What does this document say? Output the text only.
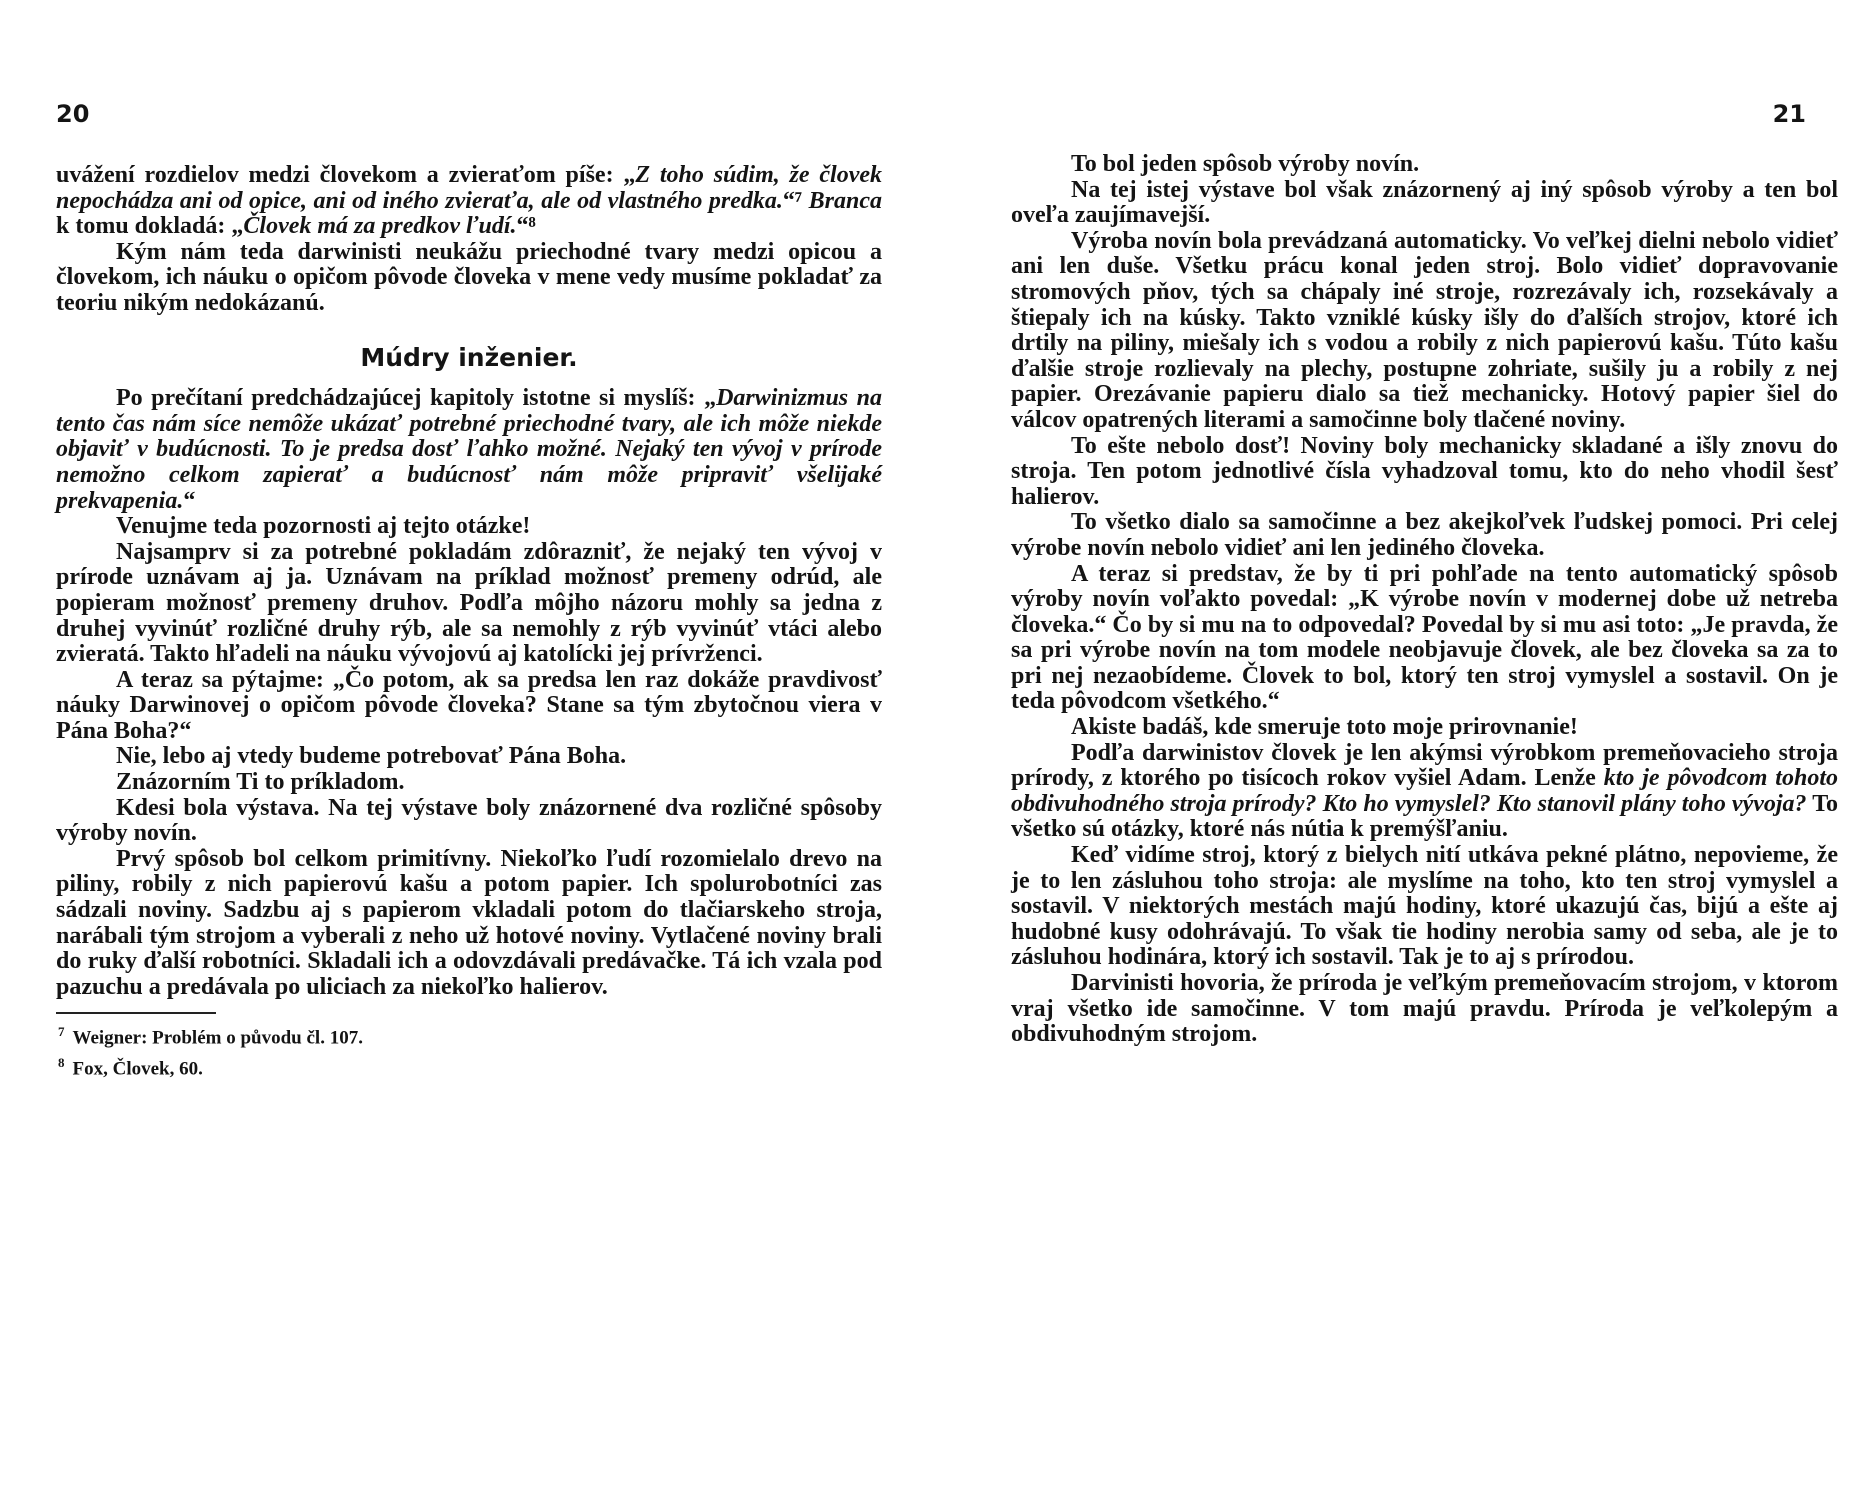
20

uvážení rozdielov medzi človekom a zvieraťom píše: „Z toho súdim, že človek nepochádza ani od opice, ani od iného zvieraťa, ale od vlastného predka.“⁷ Branca k tomu dokladá: „Človek má za predkov ľudí.“⁸

Kým nám teda darwinisti neukážu priechodné tvary medzi opicou a človekom, ich náuku o opičom pôvode človeka v mene vedy musíme pokladať za teoriu nikým nedokázanú.

Múdry inženier.

Po prečítaní predchádzajúcej kapitoly istotne si myslíš: „Darwinizmus na tento čas nám síce nemôže ukázať potrebné priechodné tvary, ale ich môže niekde objaviť v budúcnosti. To je predsa dosť ľahko možné. Nejaký ten vývoj v prírode nemožno celkom zapierať a budúcnosť nám môže pripraviť všelijaké prekvapenia.“

Venujme teda pozornosti aj tejto otázke!

Najsamprv si za potrebné pokladám zdôrazniť, že nejaký ten vývoj v prírode uznávam aj ja. Uznávam na príklad možnosť premeny odrúd, ale popieram možnosť premeny druhov. Podľa môjho názoru mohly sa jedna z druhej vyvinúť rozličné druhy rýb, ale sa nemohly z rýb vyvinúť vtáci alebo zvieratá. Takto hľadeli na náuku vývojovú aj katolícki jej prívrženci.

A teraz sa pýtajme: „Čo potom, ak sa predsa len raz dokáže pravdivosť náuky Darwinovej o opičom pôvode človeka? Stane sa tým zbytočnou viera v Pána Boha?“

Nie, lebo aj vtedy budeme potrebovať Pána Boha.

Znázorním Ti to príkladom.

Kdesi bola výstava. Na tej výstave boly znázornené dva rozličné spôsoby výroby novín.

Prvý spôsob bol celkom primitívny. Niekoľko ľudí rozomielalo drevo na piliny, robily z nich papierovú kašu a potom papier. Ich spolurobotníci zas sádzali noviny. Sadzbu aj s papierom vkladali potom do tlačiarskeho stroja, narábali tým strojom a vyberali z neho už hotové noviny. Vytlačené noviny brali do ruky ďalší robotníci. Skladali ich a odovzdávali predávačke. Tá ich vzala pod pazuchu a predávala po uliciach za niekoľko halierov.

$^7$ Weigner: Problém o původu čl. 107.

$^8$ Fox, Človek, 60.

21

To bol jeden spôsob výroby novín.

Na tej istej výstave bol však znázornený aj iný spôsob výroby a ten bol oveľa zaujímavejší.

Výroba novín bola prevádzaná automaticky. Vo veľkej dielni nebolo vidieť ani len duše. Všetku prácu konal jeden stroj. Bolo vidieť dopravovanie stromových pňov, tých sa chápaly iné stroje, rozrezávaly ich, rozsekávaly a štiepaly ich na kúsky. Takto vzniklé kúsky išly do ďalších strojov, ktoré ich drtily na piliny, miešaly ich s vodou a robily z nich papierovú kašu. Túto kašu ďalšie stroje rozlievaly na plechy, postupne zohriate, sušily ju a robily z nej papier. Orezávanie papieru dialo sa tiež mechanicky. Hotový papier šiel do válcov opatrených literami a samočinne boly tlačené noviny.

To ešte nebolo dosť! Noviny boly mechanicky skladané a išly znovu do stroja. Ten potom jednotlivé čísla vyhadzoval tomu, kto do neho vhodil šesť halierov.

To všetko dialo sa samočinne a bez akejkoľvek ľudskej pomoci. Pri celej výrobe novín nebolo vidieť ani len jediného človeka.

A teraz si predstav, že by ti pri pohľade na tento automatický spôsob výroby novín voľakto povedal: „K výrobe novín v modernej dobe už netreba človeka.“ Čo by si mu na to odpovedal? Povedal by si mu asi toto: „Je pravda, že sa pri výrobe novín na tom modele neobjavuje človek, ale bez človeka sa za to pri nej nezaobídeme. Človek to bol, ktorý ten stroj vymyslel a sostavil. On je teda pôvodcom všetkého.“

Akiste badáš, kde smeruje toto moje prirovnanie!

Podľa darwinistov človek je len akýmsi výrobkom premeňovacieho stroja prírody, z ktorého po tisícoch rokov vyšiel Adam. Lenže kto je pôvodcom tohoto obdivuhodného stroja prírody? Kto ho vymyslel? Kto stanovil plány toho vývoja? To všetko sú otázky, ktoré nás nútia k premýšľaniu.

Keď vidíme stroj, ktorý z bielych nití utkáva pekné plátno, nepovieme, že je to len zásluhou toho stroja: ale myslíme na toho, kto ten stroj vymyslel a sostavil. V niektorých mestách majú hodiny, ktoré ukazujú čas, bijú a ešte aj hudobné kusy odohrávajú. To však tie hodiny nerobia samy od seba, ale je to zásluhou hodinára, ktorý ich sostavil. Tak je to aj s prírodou.

Darvinisti hovoria, že príroda je veľkým premeňovacím strojom, v ktorom vraj všetko ide samočinne. V tom majú pravdu. Príroda je veľkolepým a obdivuhodným strojom.
